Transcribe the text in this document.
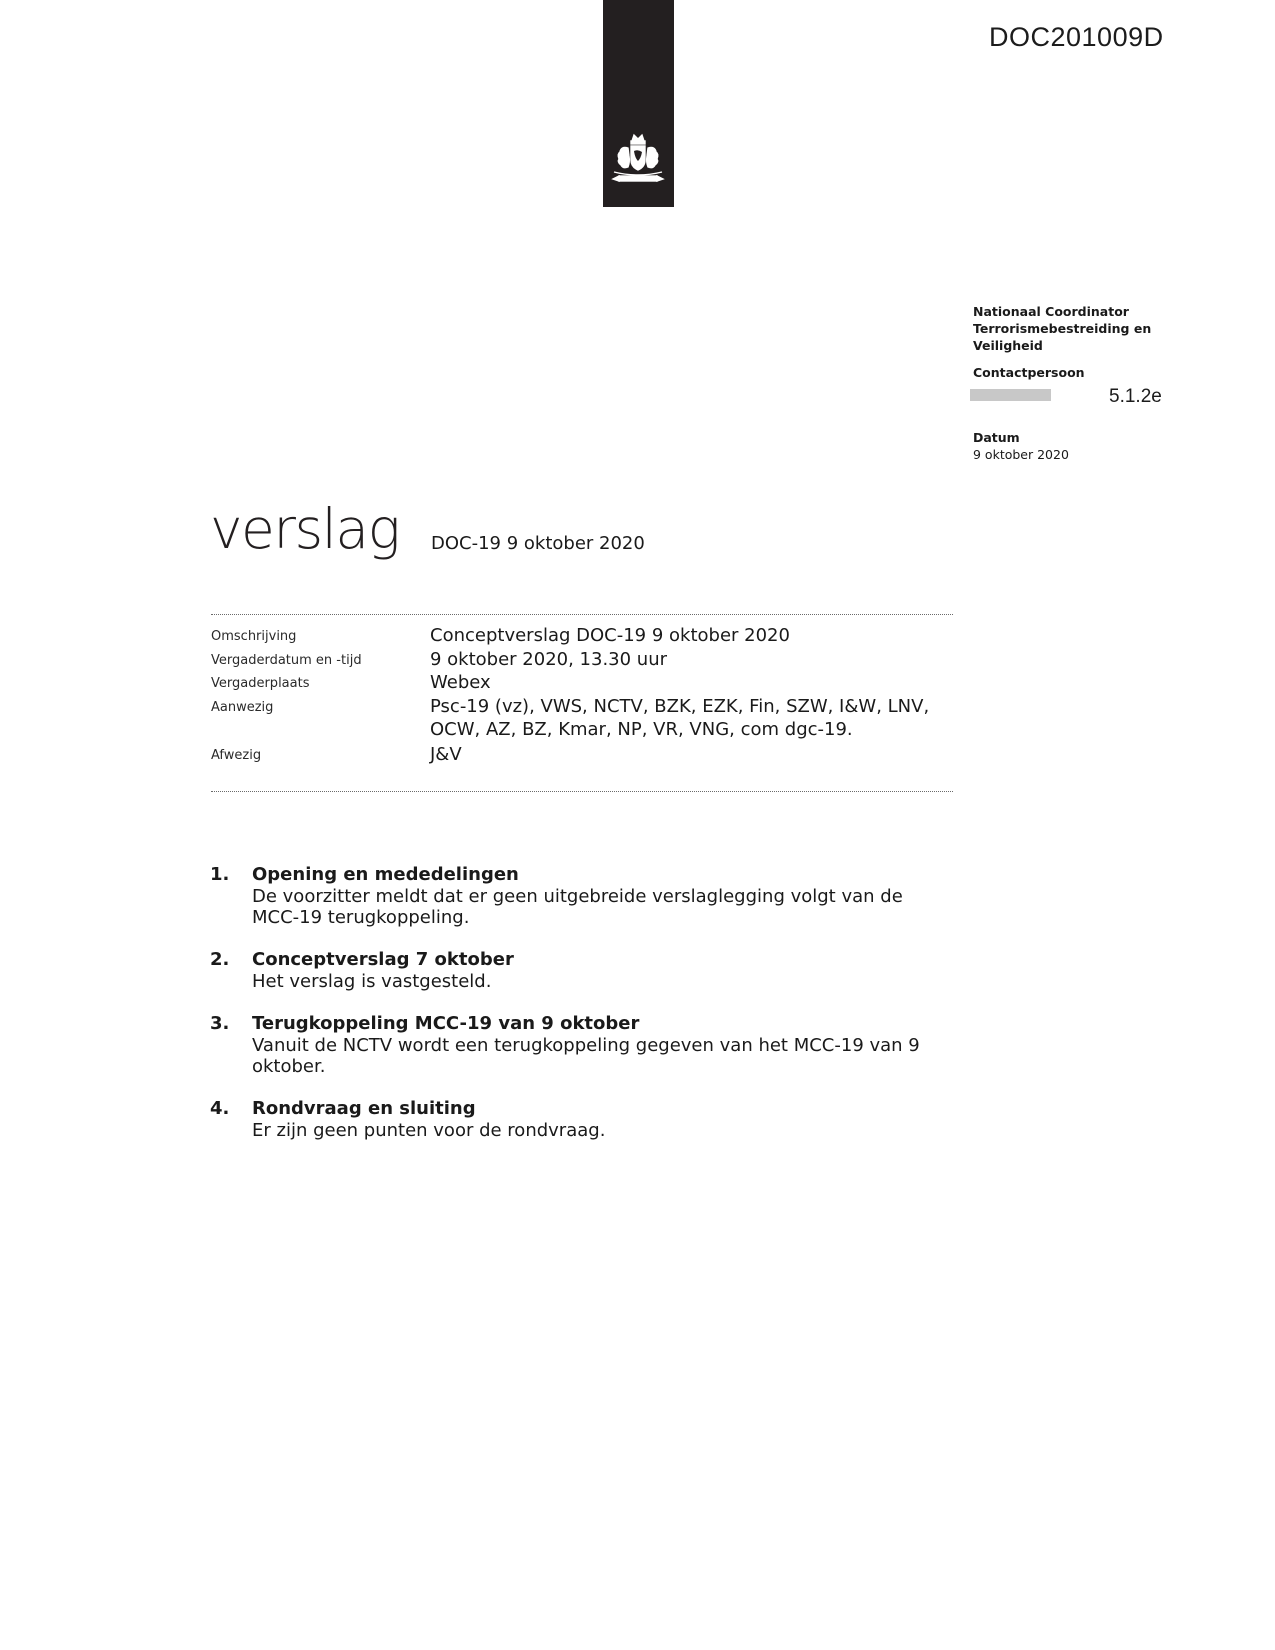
DOC201009D
Nationaal Coordinator Terrorismebestreiding en Veiligheid
Contactpersoon
5.1.2e
Datum
9 oktober 2020
verslag DOC-19 9 oktober 2020
Omschrijving	Conceptverslag DOC-19 9 oktober 2020
Vergaderdatum en -tijd	9 oktober 2020, 13.30 uur
Vergaderplaats	Webex
Aanwezig	Psc-19 (vz), VWS, NCTV, BZK, EZK, Fin, SZW, I&W, LNV, OCW, AZ, BZ, Kmar, NP, VR, VNG, com dgc-19.
Afwezig	J&V
1. Opening en mededelingen
De voorzitter meldt dat er geen uitgebreide verslaglegging volgt van de MCC-19 terugkoppeling.
2. Conceptverslag 7 oktober
Het verslag is vastgesteld.
3. Terugkoppeling MCC-19 van 9 oktober
Vanuit de NCTV wordt een terugkoppeling gegeven van het MCC-19 van 9 oktober.
4. Rondvraag en sluiting
Er zijn geen punten voor de rondvraag.
